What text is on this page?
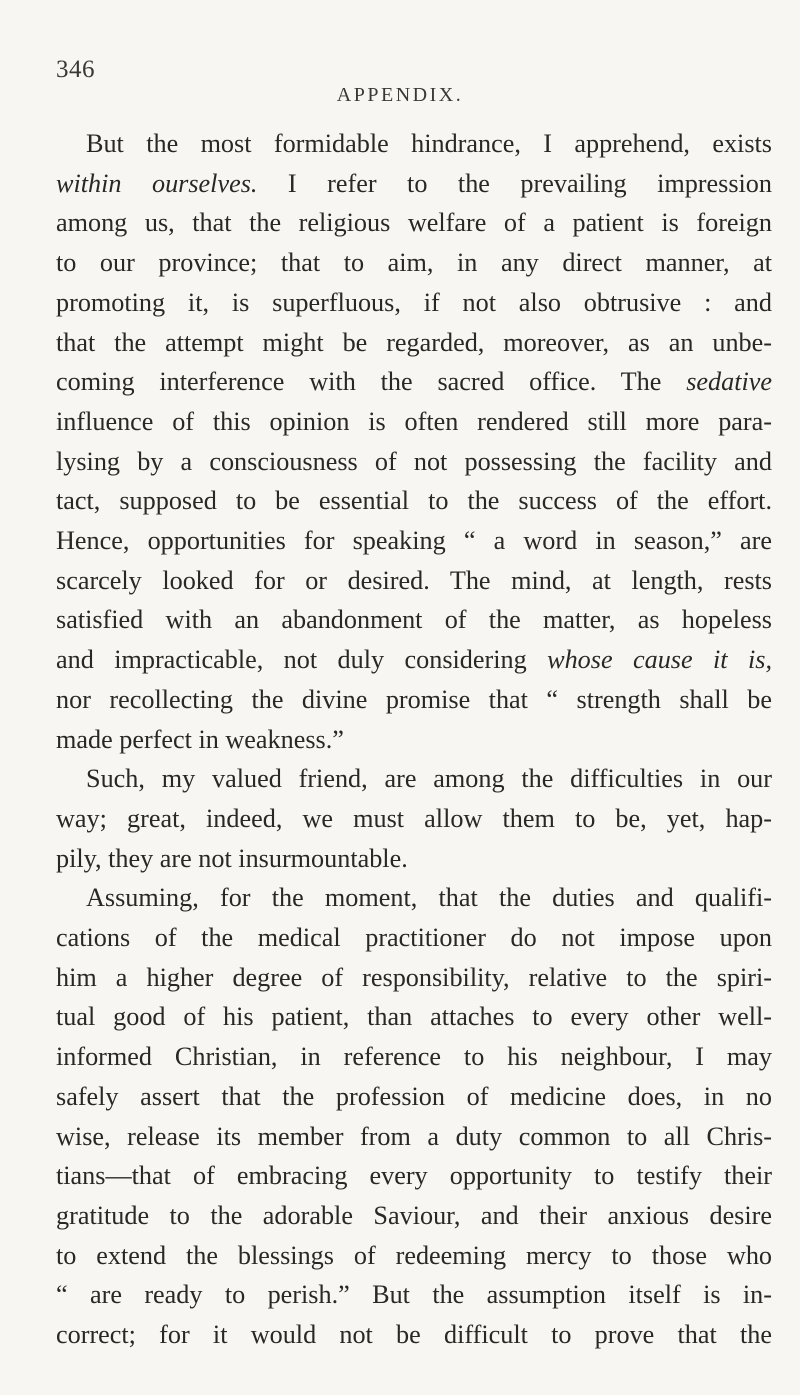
346
APPENDIX.
But the most formidable hindrance, I apprehend, exists
within ourselves. I refer to the prevailing impression
among us, that the religious welfare of a patient is foreign
to our province; that to aim, in any direct manner, at
promoting it, is superfluous, if not also obtrusive : and
that the attempt might be regarded, moreover, as an unbe-
coming interference with the sacred office. The sedative
influence of this opinion is often rendered still more para-
lysing by a consciousness of not possessing the facility and
tact, supposed to be essential to the success of the effort.
Hence, opportunities for speaking “ a word in season,” are
scarcely looked for or desired. The mind, at length, rests
satisfied with an abandonment of the matter, as hopeless
and impracticable, not duly considering whose cause it is,
nor recollecting the divine promise that “ strength shall be
made perfect in weakness.”
Such, my valued friend, are among the difficulties in our
way; great, indeed, we must allow them to be, yet, hap-
pily, they are not insurmountable.
Assuming, for the moment, that the duties and qualifi-
cations of the medical practitioner do not impose upon
him a higher degree of responsibility, relative to the spiri-
tual good of his patient, than attaches to every other well-
informed Christian, in reference to his neighbour, I may
safely assert that the profession of medicine does, in no
wise, release its member from a duty common to all Chris-
tians—that of embracing every opportunity to testify their
gratitude to the adorable Saviour, and their anxious desire
to extend the blessings of redeeming mercy to those who
“ are ready to perish.” But the assumption itself is in-
correct; for it would not be difficult to prove that the
